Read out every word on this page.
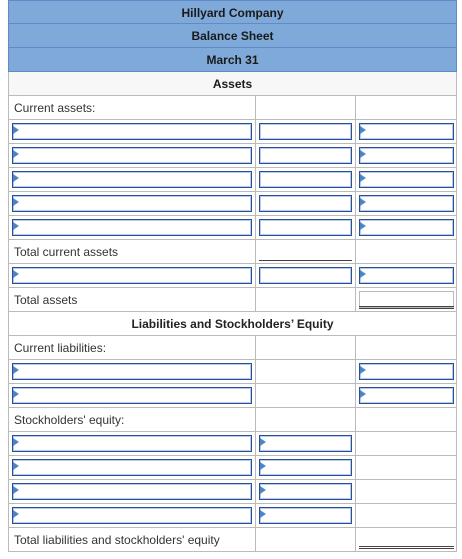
Hillyard Company
Balance Sheet
March 31
Assets
Current assets:
Total current assets
Total assets
Liabilities and Stockholders’ Equity
Current liabilities:
Stockholders' equity:
Total liabilities and stockholders' equity
